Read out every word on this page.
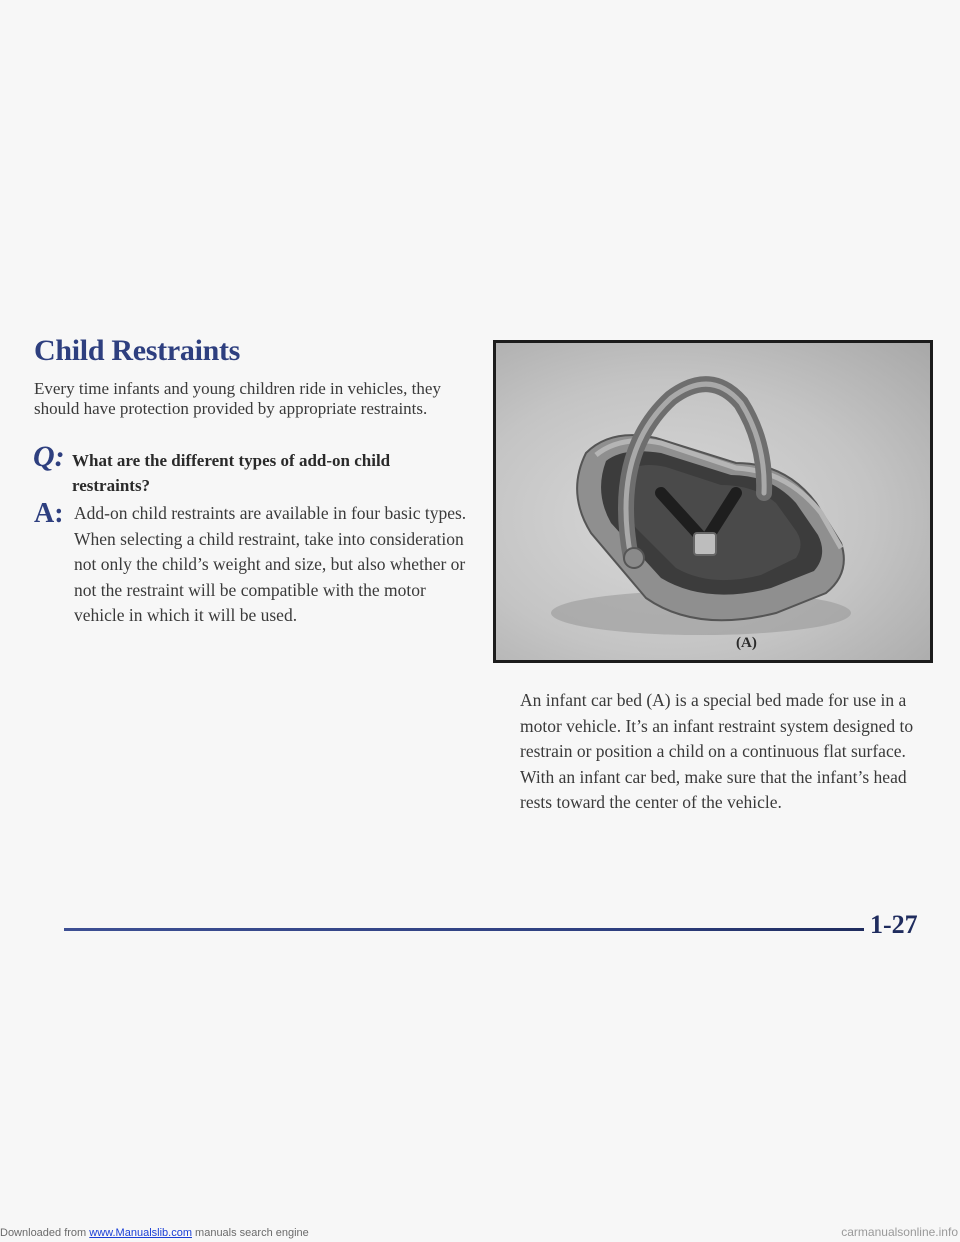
Child Restraints

Every time infants and young children ride in vehicles, they should have protection provided by appropriate restraints.

Q: What are the different types of add-on child restraints?

A: Add-on child restraints are available in four basic types. When selecting a child restraint, take into consideration not only the child’s weight and size, but also whether or not the restraint will be compatible with the motor vehicle in which it will be used.

(A)

An infant car bed (A) is a special bed made for use in a motor vehicle. It’s an infant restraint system designed to restrain or position a child on a continuous flat surface. With an infant car bed, make sure that the infant’s head rests toward the center of the vehicle.

1-27
Downloaded from www.Manualslib.com manuals search engine	carmanualsonline.info
